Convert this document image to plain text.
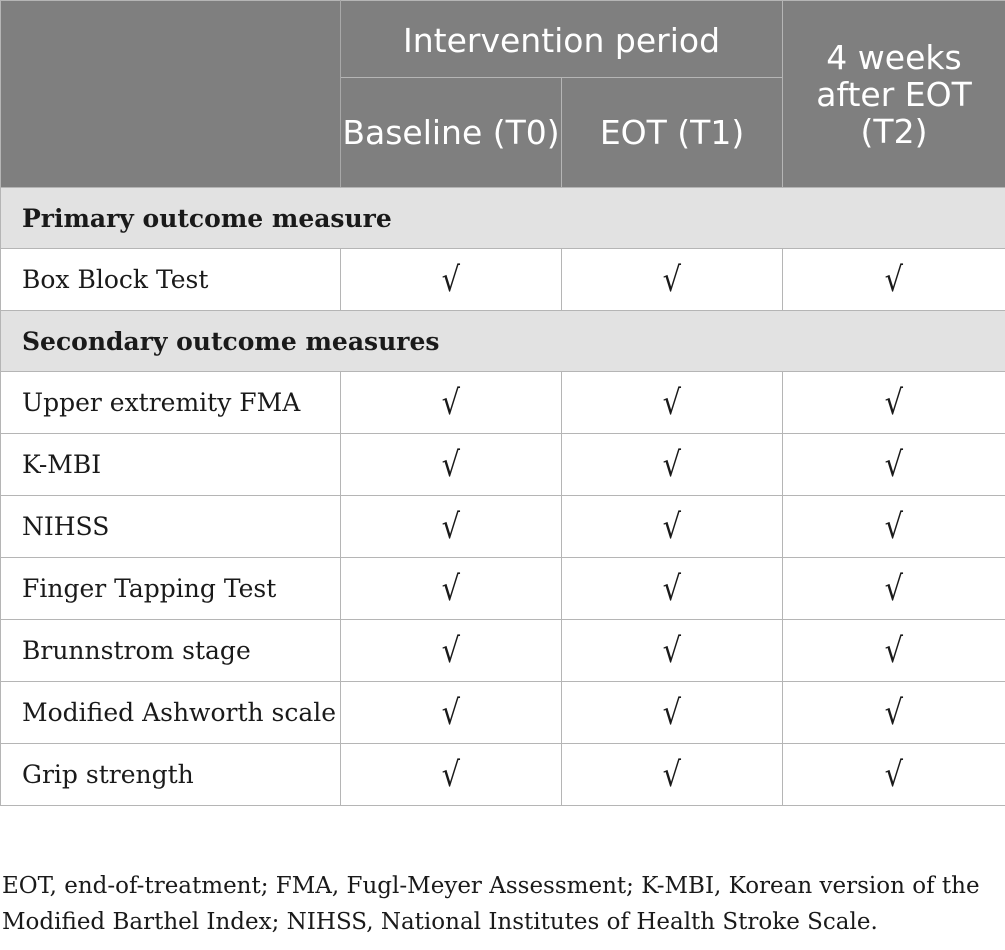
	Intervention period		4 weeks after EOT (T2)
	Baseline (T0)	EOT (T1)	
Primary outcome measure			
Box Block Test	√	√	√
Secondary outcome measures			
Upper extremity FMA	√	√	√
K-MBI	√	√	√
NIHSS	√	√	√
Finger Tapping Test	√	√	√
Brunnstrom stage	√	√	√
Modified Ashworth scale	√	√	√
Grip strength	√	√	√
EOT, end-of-treatment; FMA, Fugl-Meyer Assessment; K-MBI, Korean version of the Modified Barthel Index; NIHSS, National Institutes of Health Stroke Scale.
